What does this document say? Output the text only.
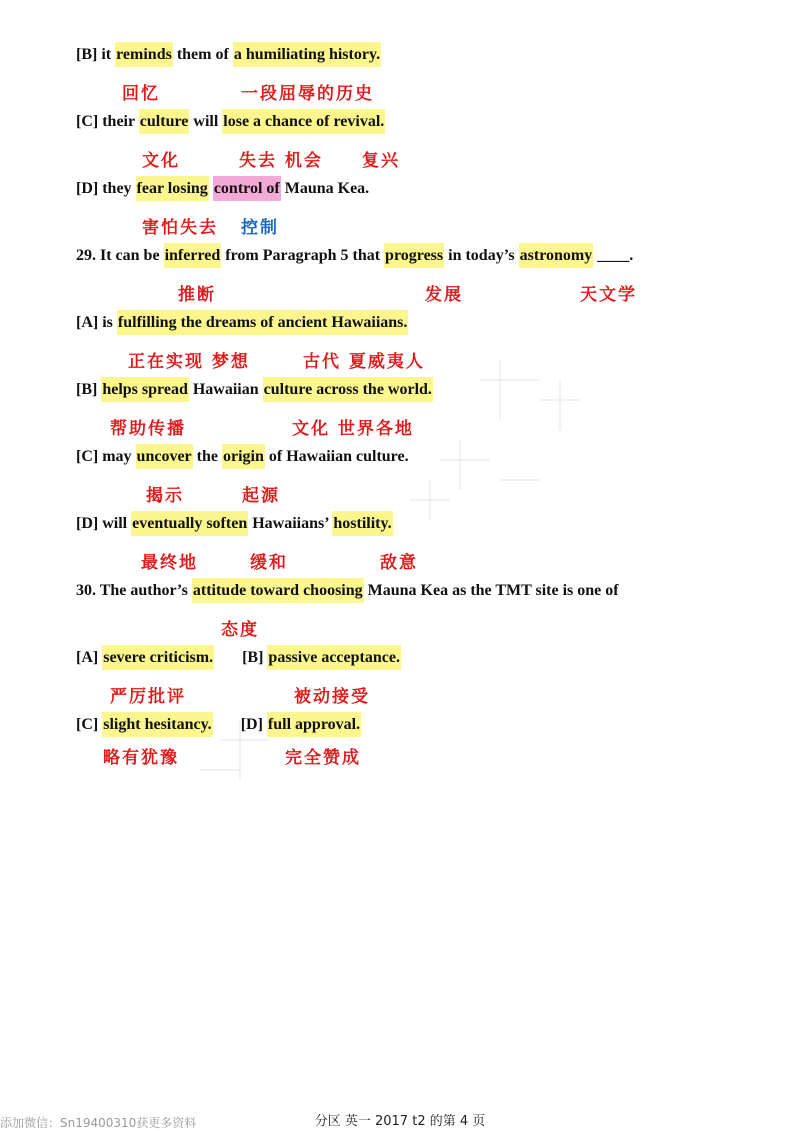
[B] it reminds them of a humiliating history.
[C] their culture will lose a chance of revival.
[D] they fear losing control of Mauna Kea.
29. It can be inferred from Paragraph 5 that progress in today’s astronomy ____.
[A] is fulfilling the dreams of ancient Hawaiians.
[B] helps spread Hawaiian culture across the world.
[C] may uncover the origin of Hawaiian culture.
[D] will eventually soften Hawaiians’ hostility.
30. The author’s attitude toward choosing Mauna Kea as the TMT site is one of
[A] severe criticism.       [B] passive acceptance.
[C] slight hesitancy.       [D] full approval.
回忆	一段屈辱的历史
文化	失去 机会 复兴
害怕失去 控制
推断	发展	天文学
正在实现 梦想	古代 夏威夷人
帮助传播	文化 世界各地
揭示	起源
最终地	缓和	敌意
态度
严厉批评	被动接受
略有犹豫	完全赞成
分区 英一 2017 t2 的第 4 页
添加微信：Sn19400310获更多资料
